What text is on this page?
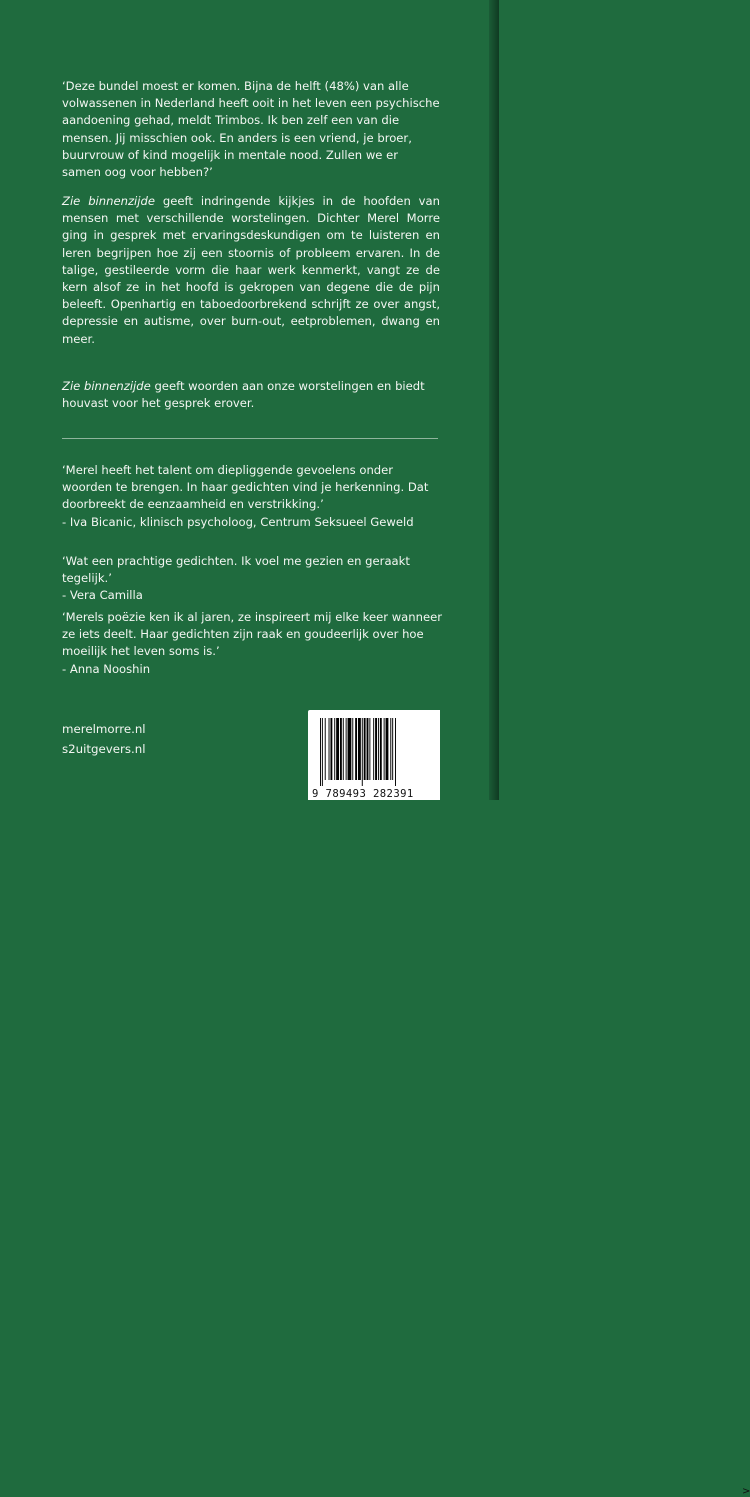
‘Deze bundel moest er komen. Bijna de helft (48%) van alle volwassenen in Nederland heeft ooit in het leven een psychische aandoening gehad, meldt Trimbos. Ik ben zelf een van die mensen. Jij misschien ook. En anders is een vriend, je broer, buurvrouw of kind mogelijk in mentale nood. Zullen we er samen oog voor hebben?’

Zie binnenzijde geeft indringende kijkjes in de hoofden van mensen met verschillende worstelingen. Dichter Merel Morre ging in gesprek met ervaringsdeskundigen om te luisteren en leren begrijpen hoe zij een stoornis of probleem ervaren. In de talige, gestileerde vorm die haar werk kenmerkt, vangt ze de kern alsof ze in het hoofd is gekropen van degene die de pijn beleeft. Openhartig en taboedoorbrekend schrijft ze over angst, depressie en autisme, over burn-out, eetproblemen, dwang en meer.

Zie binnenzijde geeft woorden aan onze worstelingen en biedt houvast voor het gesprek erover.

‘Merel heeft het talent om diepliggende gevoelens onder woorden te brengen. In haar gedichten vind je herkenning. Dat doorbreekt de eenzaamheid en verstrikking.’

- Iva Bicanic, klinisch psycholoog, Centrum Seksueel Geweld

‘Wat een prachtige gedichten. Ik voel me gezien en geraakt tegelijk.’

- Vera Camilla

‘Merels poëzie ken ik al jaren, ze inspireert mij elke keer wanneer ze iets deelt. Haar gedichten zijn raak en goudeerlijk over hoe moeilijk het leven soms is.’

- Anna Nooshin

merelmorre.nl
s2uitgevers.nl
9 789493 282391
>
